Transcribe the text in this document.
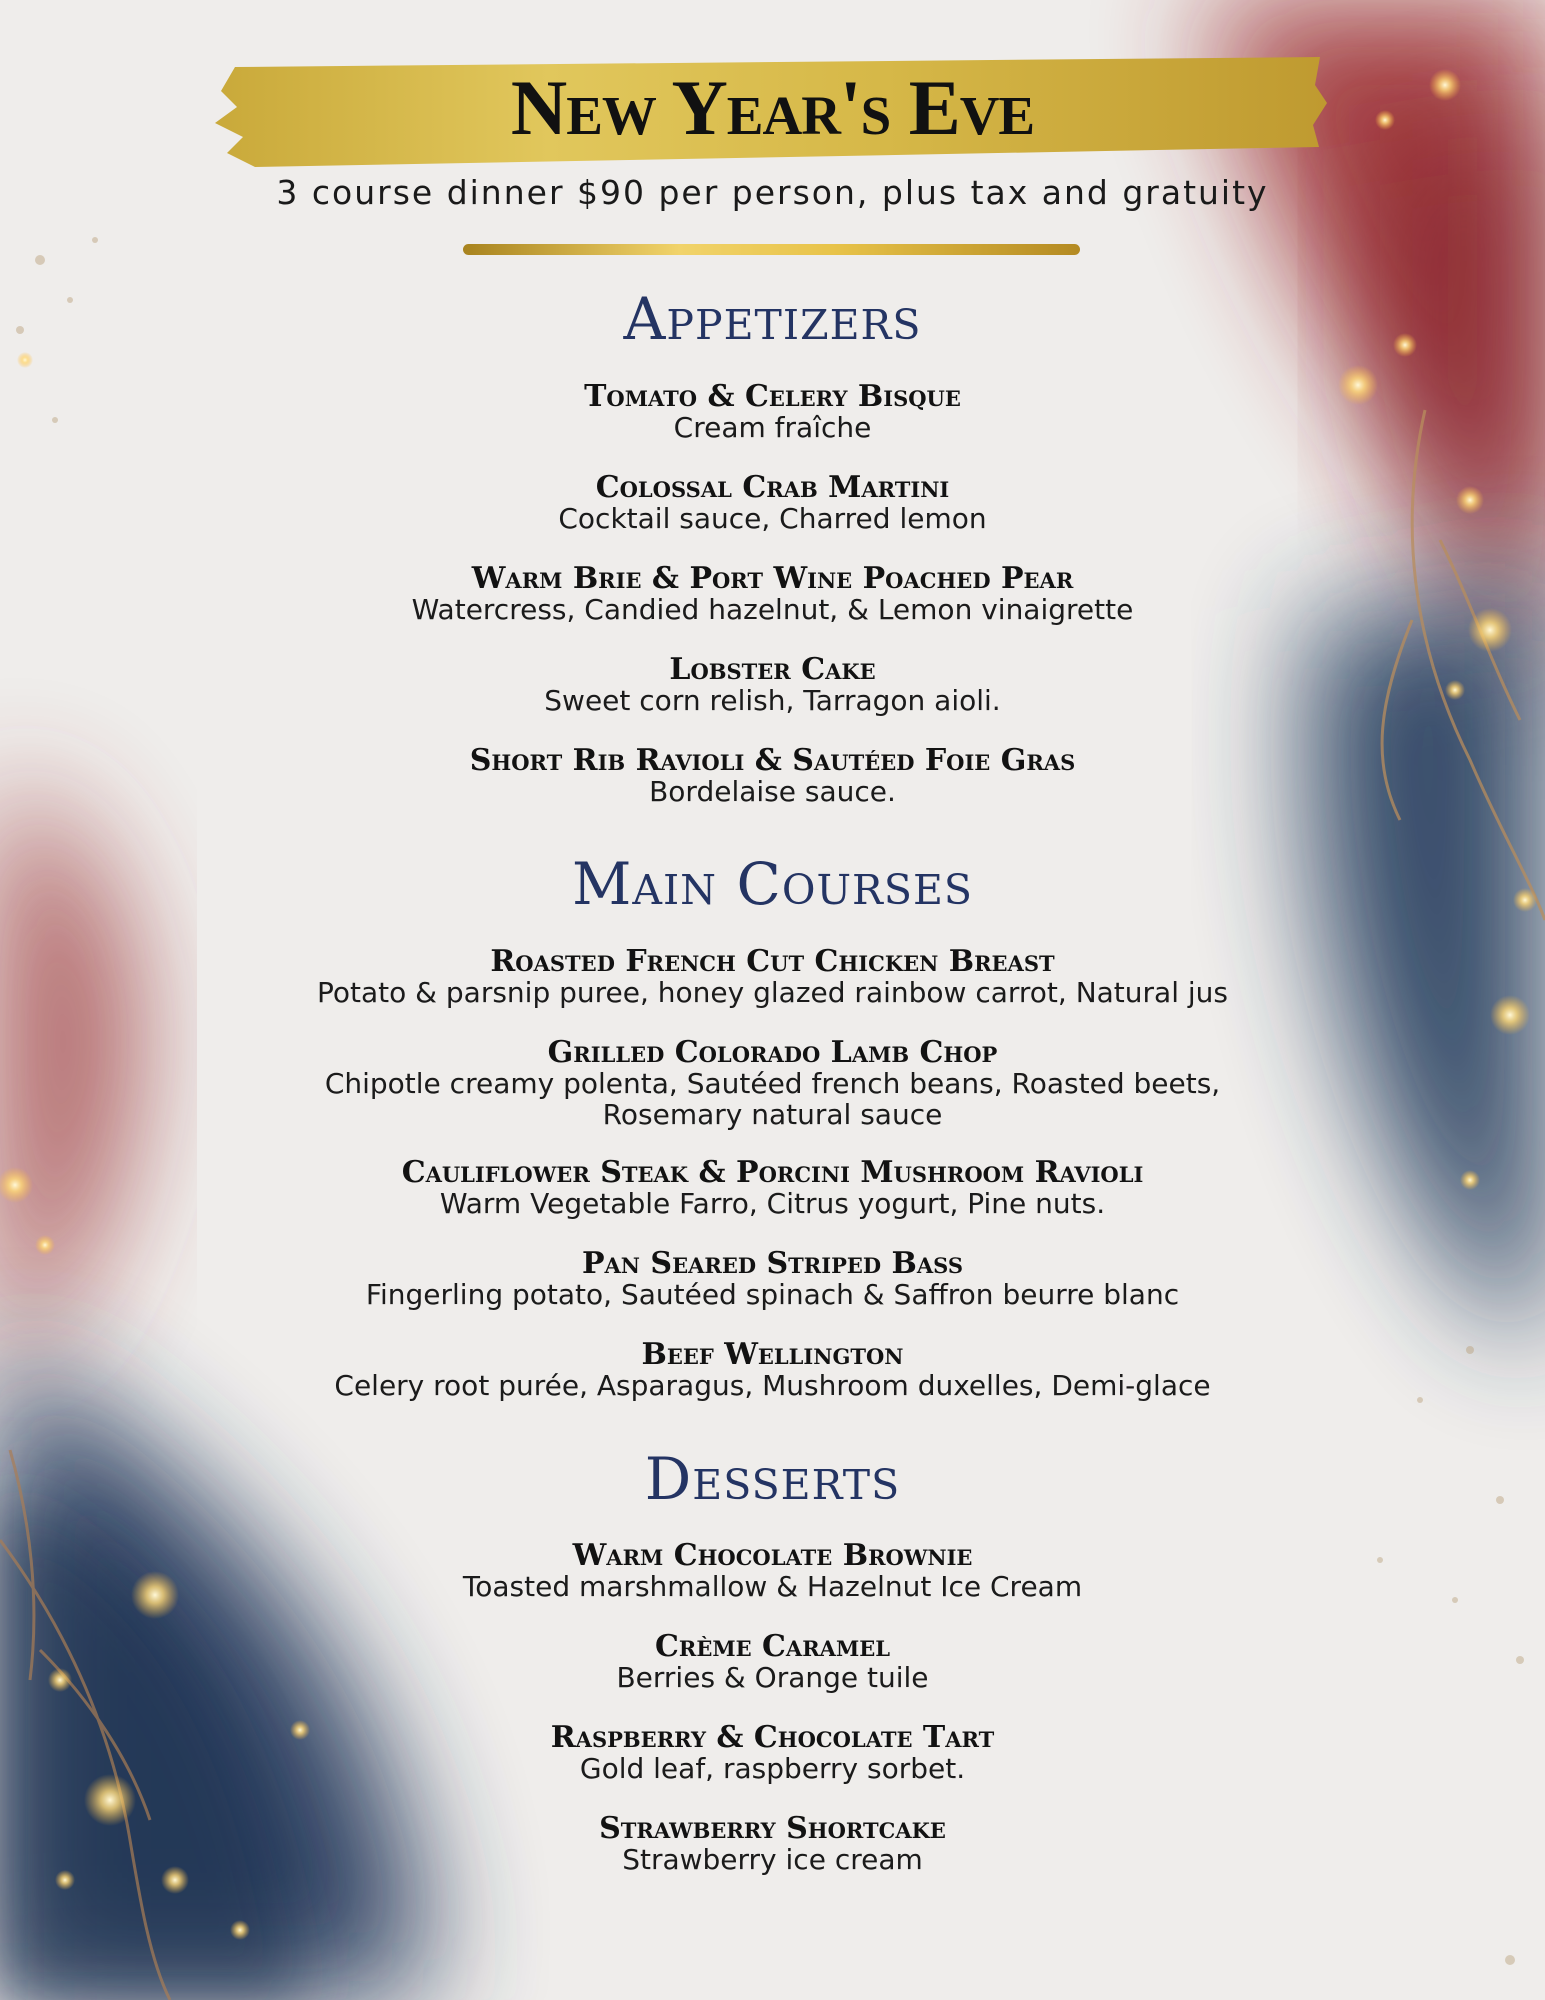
New Year's Eve
3 course dinner $90 per person, plus tax and gratuity
Appetizers
Tomato & Celery Bisque
Cream fraîche
Colossal Crab Martini
Cocktail sauce, Charred lemon
Warm Brie & Port Wine Poached Pear
Watercress, Candied hazelnut, & Lemon vinaigrette
Lobster Cake
Sweet corn relish, Tarragon aioli.
Short Rib Ravioli & Sautéed Foie Gras
Bordelaise sauce.
Main Courses
Roasted French Cut Chicken Breast
Potato & parsnip puree, honey glazed rainbow carrot, Natural jus
Grilled Colorado Lamb Chop
Chipotle creamy polenta, Sautéed french beans, Roasted beets,
Rosemary natural sauce
Cauliflower Steak & Porcini Mushroom Ravioli
Warm Vegetable Farro, Citrus yogurt, Pine nuts.
Pan Seared Striped Bass
Fingerling potato, Sautéed spinach & Saffron beurre blanc
Beef Wellington
Celery root purée, Asparagus, Mushroom duxelles, Demi-glace
Desserts
Warm Chocolate Brownie
Toasted marshmallow & Hazelnut Ice Cream
Crème Caramel
Berries & Orange tuile
Raspberry & Chocolate Tart
Gold leaf, raspberry sorbet.
Strawberry Shortcake
Strawberry ice cream
